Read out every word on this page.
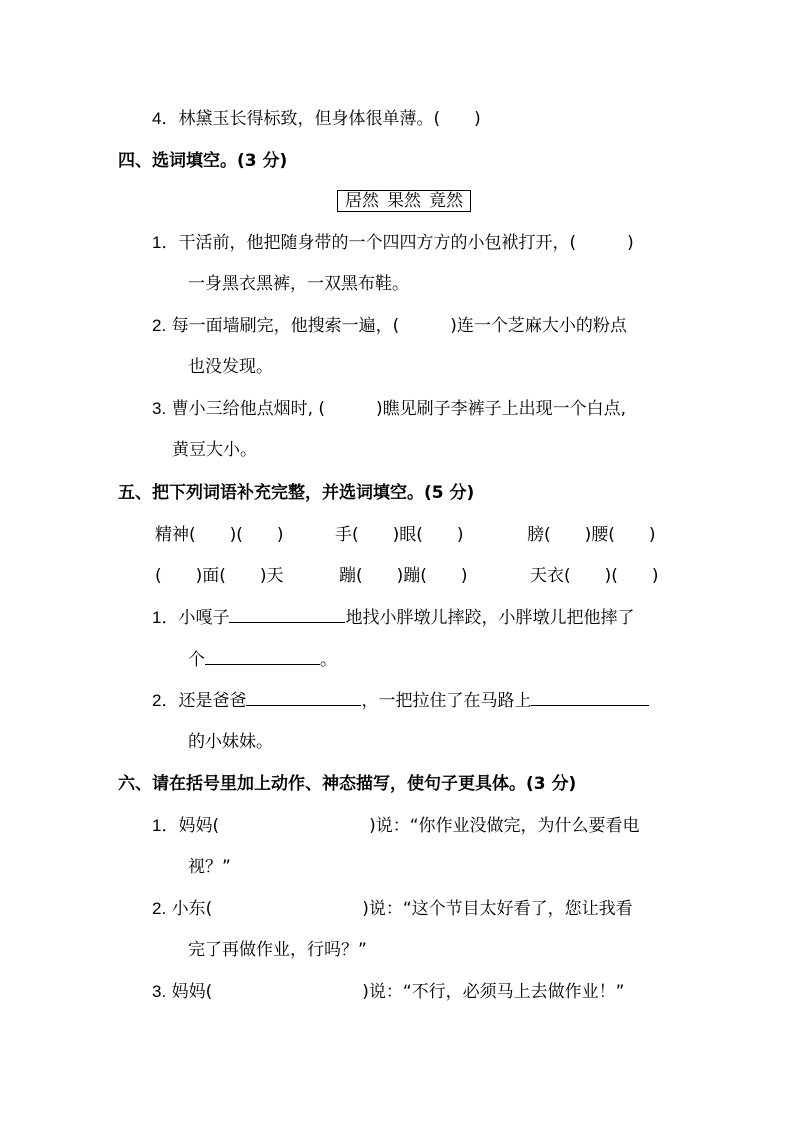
4．林黛玉长得标致，但身体很单薄。(　　)
四、选词填空。(3 分)
居然 果然 竟然
1．干活前，他把随身带的一个四四方方的小包袱打开，(　　　)
一身黑衣黑裤，一双黑布鞋。
2. 每一面墙刷完，他搜索一遍，(　　　)连一个芝麻大小的粉点
也没发现。
3. 曹小三给他点烟时, (　　　)瞧见刷子李裤子上出现一个白点,
黄豆大小。
五、把下列词语补充完整，并选词填空。(5 分)
精神(　　)(　　)	手(　　)眼(　　)	膀(　　)腰(　　)
(　　)面(　　)天	蹦(　　)蹦(　　)	天衣(　　)(　　)
1．小嘎子	地找小胖墩儿摔跤，小胖墩儿把他摔了
个	。
2．还是爸爸	，一把拉住了在马路上
的小妹妹。
六、请在括号里加上动作、神态描写，使句子更具体。(3 分)
1．妈妈(	)说：“你作业没做完，为什么要看电
视？”
2. 小东(	)说：“这个节目太好看了，您让我看
完了再做作业，行吗？”
3. 妈妈(	)说：“不行，必须马上去做作业！”
